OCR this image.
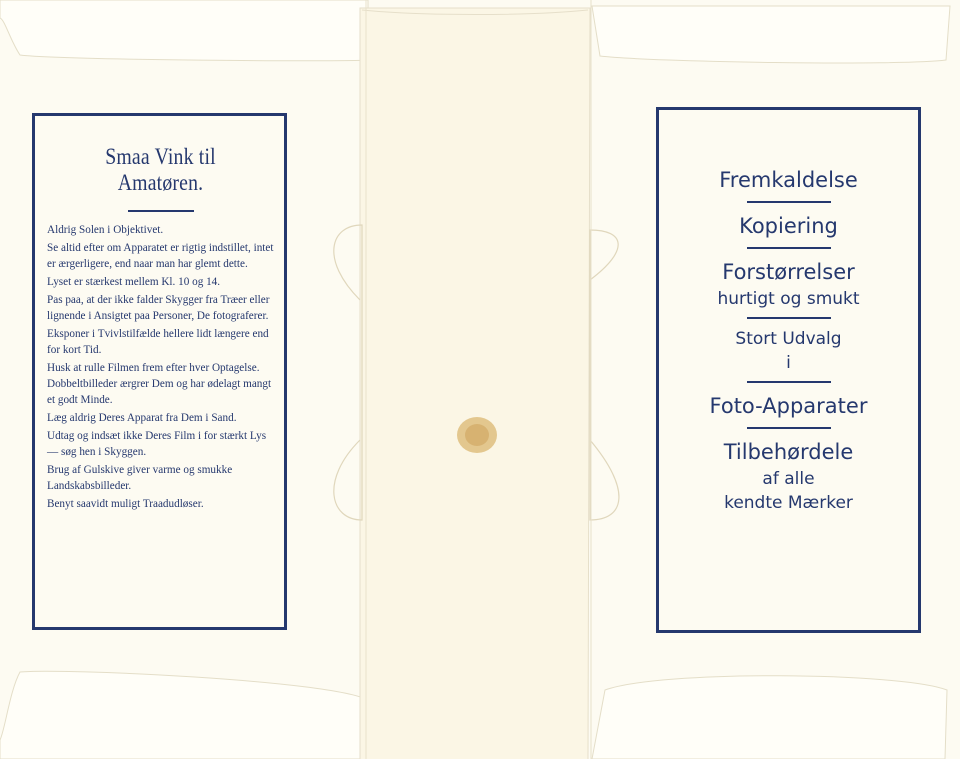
Smaa Vink til Amatøren.
Aldrig Solen i Objektivet.
Se altid efter om Apparatet er rigtig indstillet, intet er ærgerligere, end naar man har glemt dette.
Lyset er stærkest mellem Kl. 10 og 14.
Pas paa, at der ikke falder Skygger fra Træer eller lignende i Ansigtet paa Personer, De fotograferer.
Eksponer i Tvivlstilfælde hellere lidt længere end for kort Tid.
Husk at rulle Filmen frem efter hver Optagelse. Dobbeltbilleder ærgrer Dem og har ødelagt mangt et godt Minde.
Læg aldrig Deres Apparat fra Dem i Sand.
Udtag og indsæt ikke Deres Film i for stærkt Lys — søg hen i Skyggen.
Brug af Gulskive giver varme og smukke Landskabsbilleder.
Benyt saavidt muligt Traadudløser.
Fremkaldelse
Kopiering
Forstørrelser
hurtigt og smukt
Stort Udvalg
i
Foto-Apparater
Tilbehørdele
af alle
kendte Mærker
